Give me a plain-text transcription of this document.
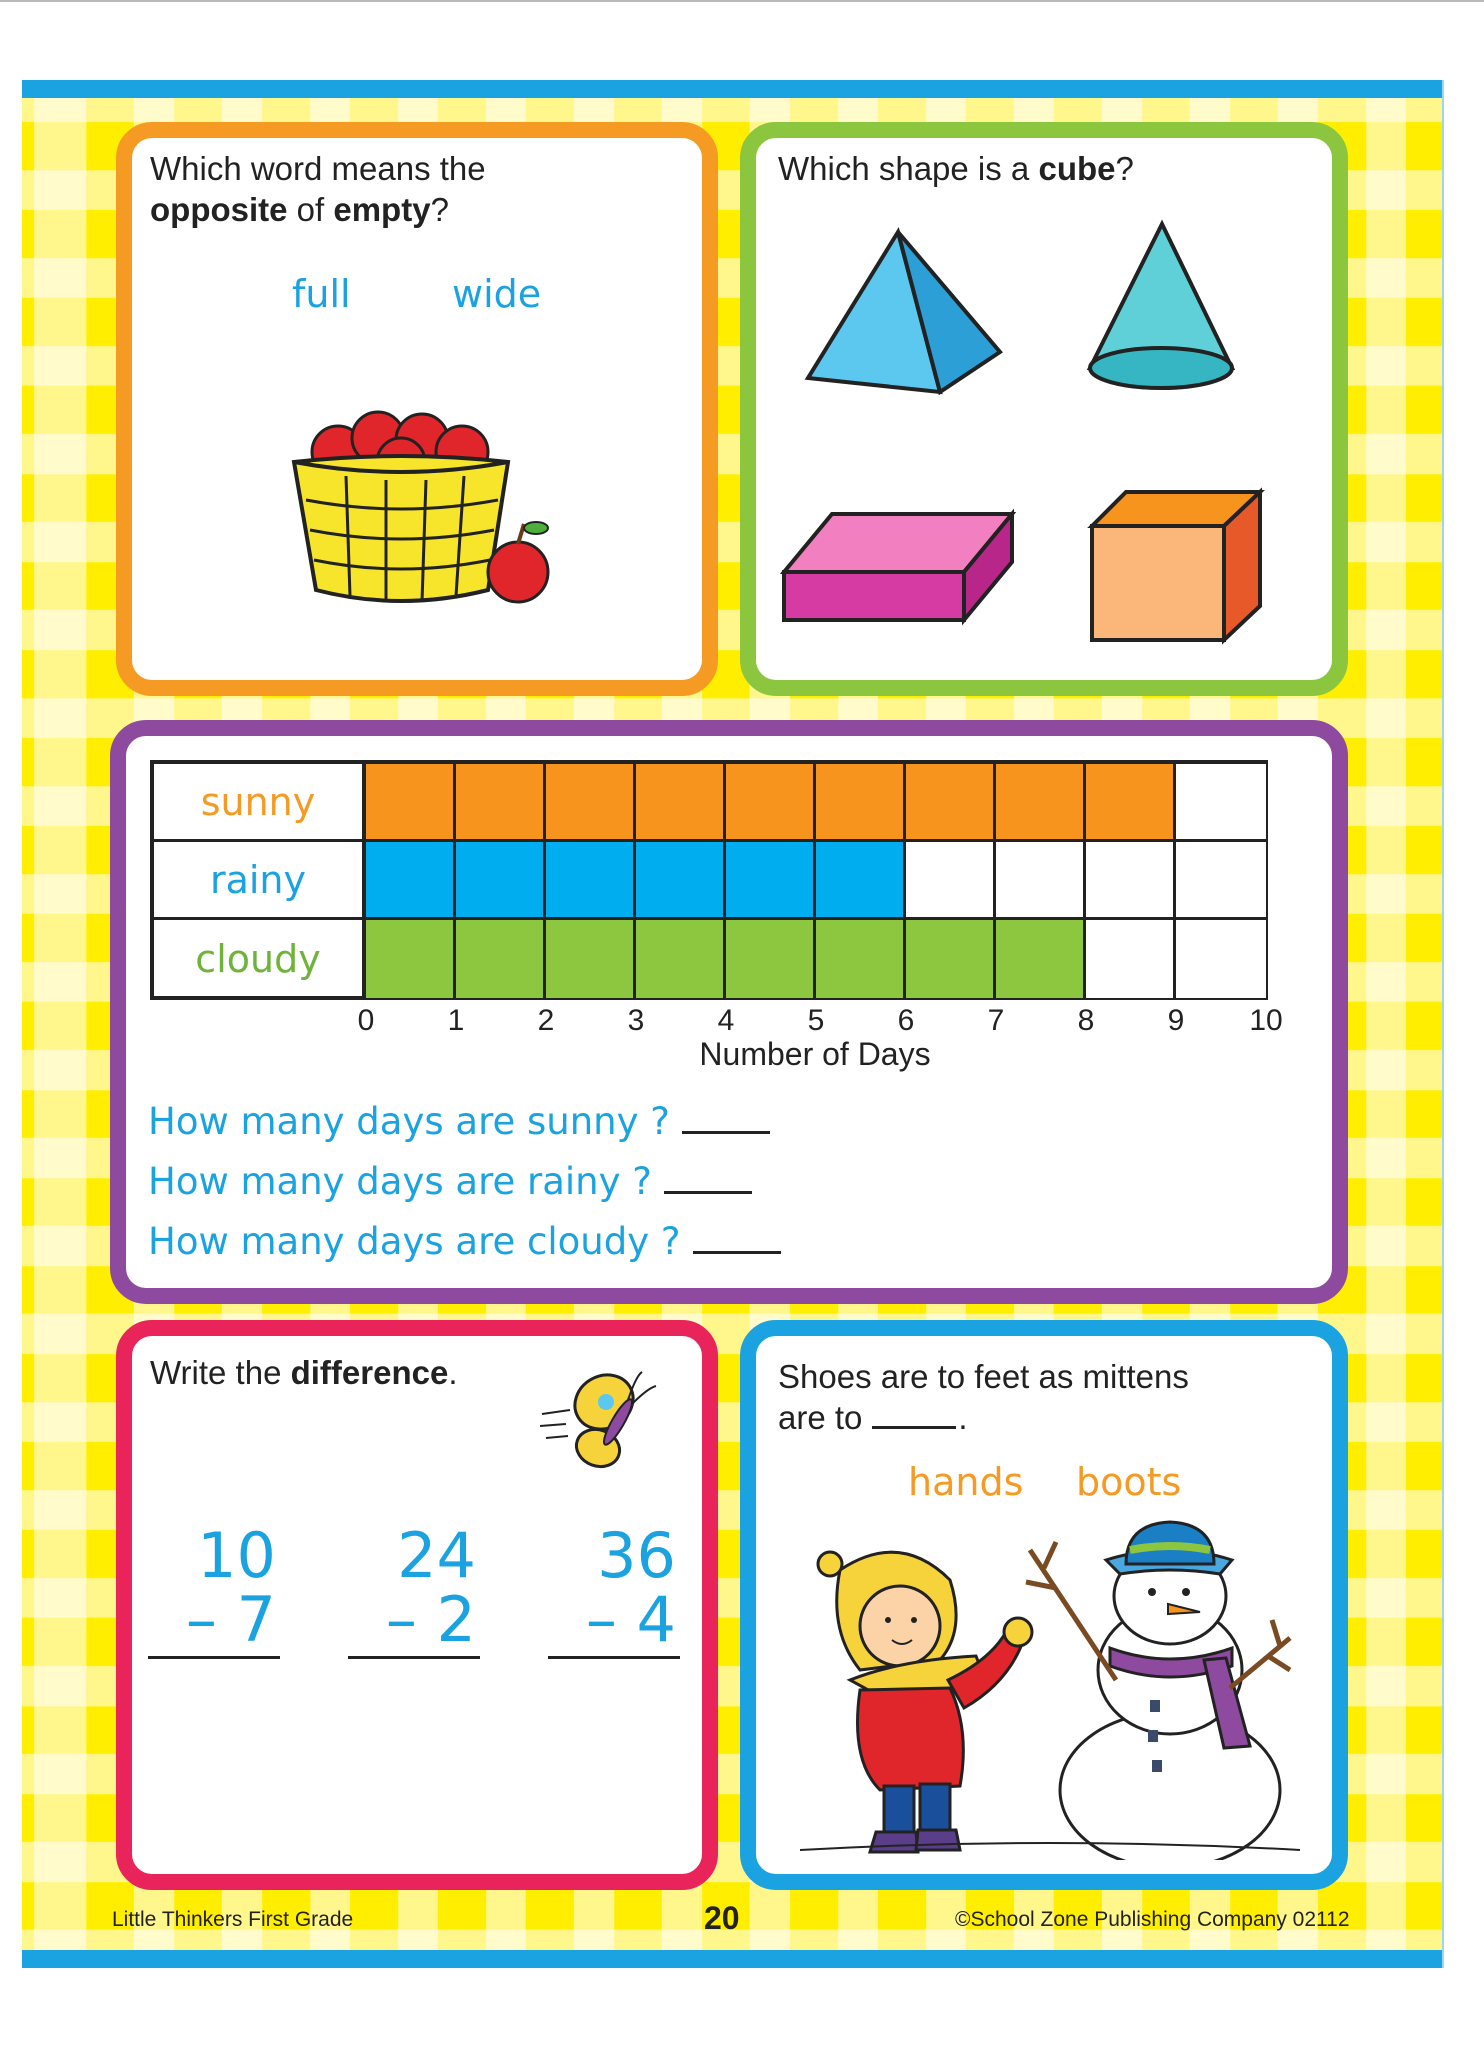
Which word means the
opposite of empty?

full	wide

Which shape is a cube?

sunny
rainy
cloudy
0	1	2	3	4	5	6	7	8	9	10
Number of Days
How many days are sunny ?
How many days are rainy ?
How many days are cloudy ?

Write the difference.

10
– 7
24
– 2
36
– 4

Shoes are to feet as mittens
are to	.

hands boots
Little Thinkers First Grade	20	©School Zone Publishing Company 02112
